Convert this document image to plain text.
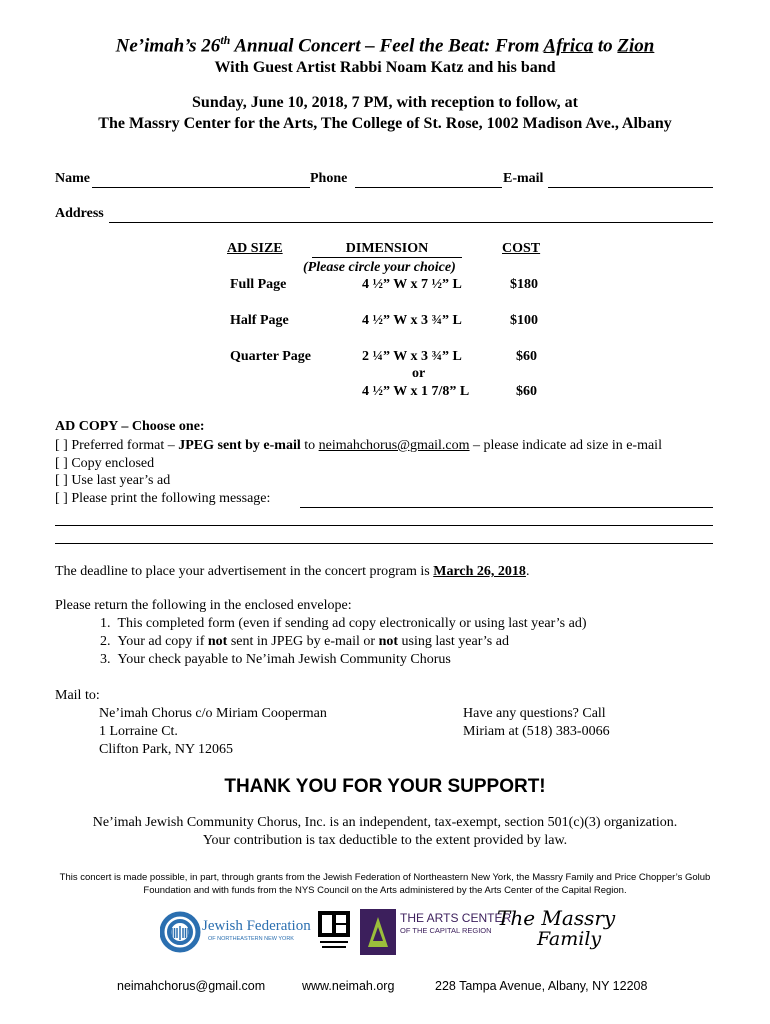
Ne’imah’s 26th Annual Concert – Feel the Beat: From Africa to Zion
With Guest Artist Rabbi Noam Katz and his band
Sunday, June 10, 2018, 7 PM, with reception to follow, at
The Massry Center for the Arts, The College of St. Rose, 1002 Madison Ave., Albany
Name	Phone	E-mail
Address
AD SIZE	DIMENSION	COST
(Please circle your choice)
Full Page	4 ½” W x 7 ½” L	$180
Half Page	4 ½” W x 3 ¾” L	$100
Quarter Page	2 ¼” W x 3 ¾” L	$60
or
4 ½” W x 1 7/8” L	$60
AD COPY – Choose one:
[ ] Preferred format – JPEG sent by e-mail to neimahchorus@gmail.com – please indicate ad size in e-mail
[ ] Copy enclosed
[ ] Use last year’s ad
[ ] Please print the following message:
The deadline to place your advertisement in the concert program is March 26, 2018.
Please return the following in the enclosed envelope:
1.  This completed form (even if sending ad copy electronically or using last year’s ad)
2.  Your ad copy if not sent in JPEG by e-mail or not using last year’s ad
3.  Your check payable to Ne’imah Jewish Community Chorus
Mail to:
Ne’imah Chorus c/o Miriam Cooperman
1 Lorraine Ct.
Clifton Park, NY 12065
Have any questions? Call
Miriam at (518) 383-0066
THANK YOU FOR YOUR SUPPORT!
Ne’imah Jewish Community Chorus, Inc. is an independent, tax-exempt, section 501(c)(3) organization.
Your contribution is tax deductible to the extent provided by law.
This concert is made possible, in part, through grants from the Jewish Federation of Northeastern New York, the Massry Family and Price Chopper’s Golub Foundation and with funds from the NYS Council on the Arts administered by the Arts Center of the Capital Region.
Jewish Federation
OF NORTHEASTERN NEW YORK
THE ARTS CENTER
OF THE CAPITAL REGION
The Massry
Family
neimahchorus@gmail.com	www.neimah.org	228 Tampa Avenue, Albany, NY 12208
